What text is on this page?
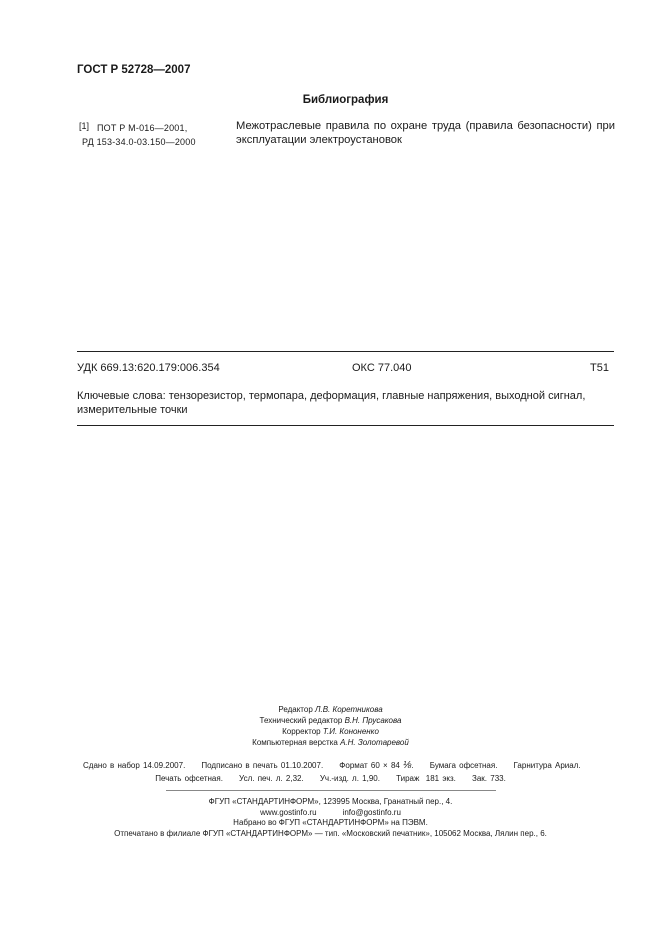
ГОСТ Р 52728—2007
Библиография
[1] ПОТ Р М-016—2001,
РД 153-34.0-03.150—2000
Межотраслевые правила по охране труда (правила безопасности) при эксплуатации электроустановок
УДК 669.13:620.179:006.354	ОКС 77.040	Т51
Ключевые слова: тензорезистор, термопара, деформация, главные напряжения, выходной сигнал, измерительные точки
Редактор Л.В. Коретникова
Технический редактор В.Н. Прусакова
Корректор Т.И. Кононенко
Компьютерная верстка А.Н. Золотаревой
Сдано в набор 14.09.2007.     Подписано в печать 01.10.2007.     Формат 60 × 84 ⅛.     Бумага офсетная.     Гарнитура Ариал.
Печать офсетная.     Усл. печ. л. 2,32.     Уч.-изд. л. 1,90.     Тираж  181 экз.     Зак. 733.
ФГУП «СТАНДАРТИНФОРМ», 123995 Москва, Гранатный пер., 4.
www.gostinfo.ru	info@gostinfo.ru
Набрано во ФГУП «СТАНДАРТИНФОРМ» на ПЭВМ.
Отпечатано в филиале ФГУП «СТАНДАРТИНФОРМ» — тип. «Московский печатник», 105062 Москва, Лялин пер., 6.
